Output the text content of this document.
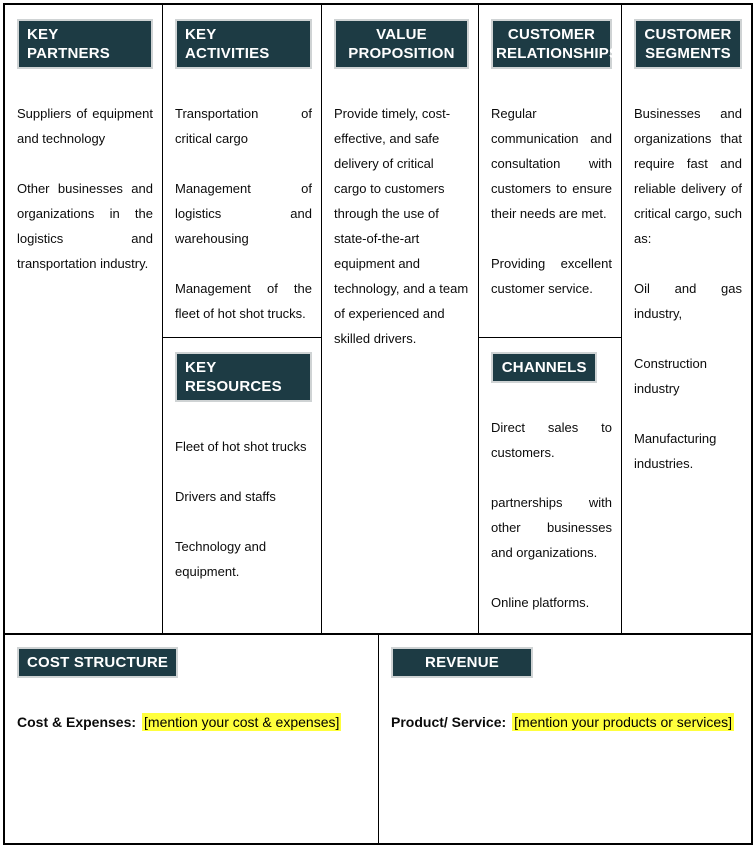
KEY PARTNERS

Suppliers of equipment and technology

Other businesses and organizations in the logistics and transportation industry.

KEY ACTIVITIES

Transportation of critical cargo

Management of logistics and warehousing

Management of the fleet of hot shot trucks.

KEY RESOURCES

Fleet of hot shot trucks

Drivers and staffs

Technology and equipment.

VALUE PROPOSITION

Provide timely, cost-effective, and safe delivery of critical cargo to customers through the use of state-of-the-art equipment and technology, and a team of experienced and skilled drivers.

CUSTOMER RELATIONSHIPS

Regular communication and consultation with customers to ensure their needs are met.

Providing excellent customer service.

CHANNELS

Direct sales to customers.

partnerships with other businesses and organizations.

Online platforms.

CUSTOMER SEGMENTS

Businesses and organizations that require fast and reliable delivery of critical cargo, such as:

Oil and gas industry,

Construction industry

Manufacturing industries.

COST STRUCTURE

Cost & Expenses: [mention your cost & expenses]

REVENUE

Product/ Service: [mention your products or services]
